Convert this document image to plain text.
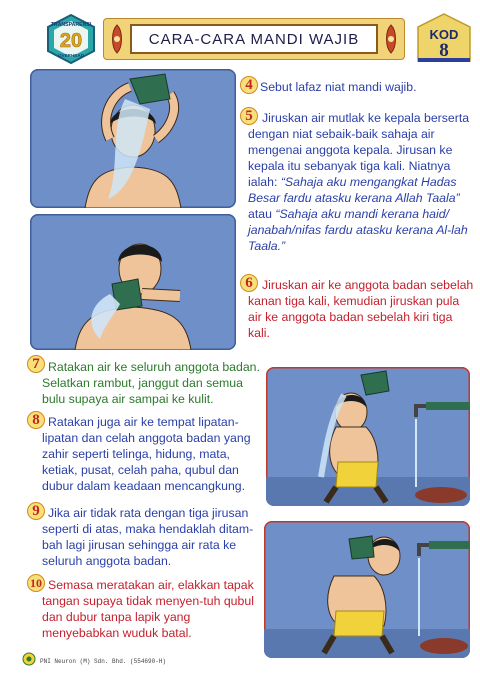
TRANSPARENSI
20
OVERHEAD
CARA-CARA MANDI WAJIB	KOD
8
4 Sebut lafaz niat mandi wajib.
5 Jiruskan air mutlak ke kepala berserta dengan niat sebaik-baik sahaja air mengenai anggota kepala. Jirusan ke kepala itu sebanyak tiga kali. Niatnya ialah: “Sahaja aku mengangkat Hadas Besar fardu atasku kerana Allah Taala” atau “Sahaja aku mandi kerana haid/ janabah/nifas fardu atasku kerana Al-lah Taala.”
6 Jiruskan air ke anggota badan sebelah kanan tiga kali, kemudian jiruskan pula air ke anggota badan sebelah kiri tiga kali.
7 Ratakan air ke seluruh anggota badan. Selatkan rambut, janggut dan semua bulu supaya air sampai ke kulit.
8 Ratakan juga air ke tempat lipatan-lipatan dan celah anggota badan yang zahir seperti telinga, hidung, mata, ketiak, pusat, celah paha, qubul dan dubur dalam keadaan mencangkung.
9 Jika air tidak rata dengan tiga jirusan seperti di atas, maka hendaklah ditam-bah lagi jirusan sehingga air rata ke seluruh anggota badan.
10 Semasa meratakan air, elakkan tapak tangan supaya tidak menyen-tuh qubul dan dubur tanpa lapik yang menyebabkan wuduk batal.
PNI Neuron (M) Sdn. Bhd. (554690-H)
